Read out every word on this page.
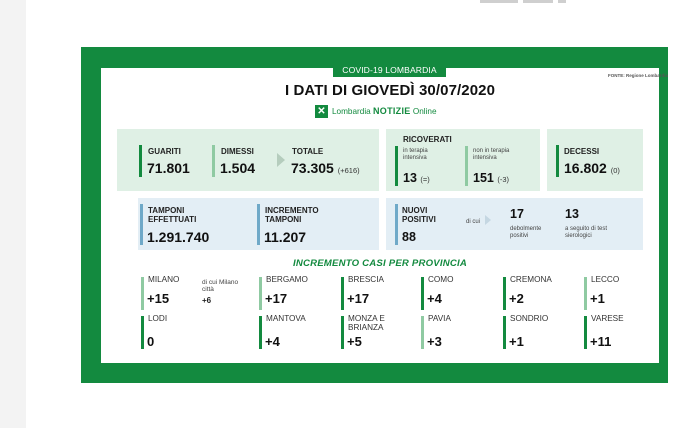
COVID-19 LOMBARDIA
FONTE: Regione Lombardia
I DATI DI GIOVEDÌ 30/07/2020
✕ Lombardia NOTIZIE Online
GUARITI
71.801
DIMESSI
1.504
TOTALE
73.305 (+616)
RICOVERATI
in terapia intensiva
13 (=)
non in terapia intensiva
151 (-3)
DECESSI
16.802 (0)
TAMPONI EFFETTUATI
1.291.740
INCREMENTO TAMPONI
11.207
NUOVI POSITIVI
88
di cui
17
debolmente positivi
13
a seguito di test sierologici
INCREMENTO CASI PER PROVINCIA
MILANO
+15
di cui Milano città
+6
BERGAMO
+17
BRESCIA
+17
COMO
+4
CREMONA
+2
LECCO
+1
LODI
0
MANTOVA
+4
MONZA E BRIANZA
+5
PAVIA
+3
SONDRIO
+1
VARESE
+11
